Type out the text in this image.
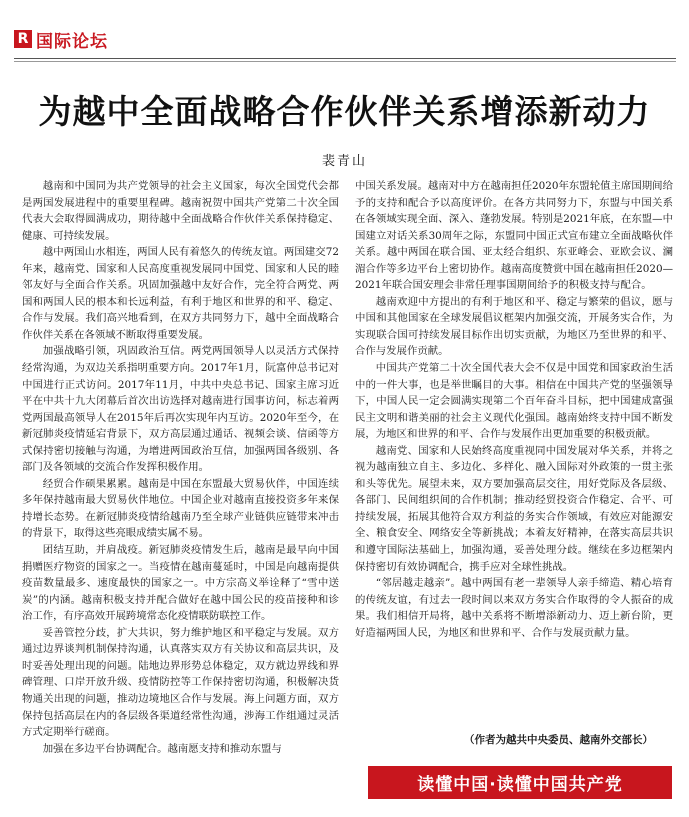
R 国际论坛
为越中全面战略合作伙伴关系增添新动力
裴青山

越南和中国同为共产党领导的社会主义国家，每次全国党代会都是两国发展进程中的重要里程碑。越南祝贺中国共产党第二十次全国代表大会取得圆满成功，期待越中全面战略合作伙伴关系保持稳定、健康、可持续发展。

越中两国山水相连，两国人民有着悠久的传统友谊。两国建交72年来，越南党、国家和人民高度重视发展同中国党、国家和人民的睦邻友好与全面合作关系。巩固加强越中友好合作，完全符合两党、两国和两国人民的根本和长远利益，有利于地区和世界的和平、稳定、合作与发展。我们高兴地看到，在双方共同努力下，越中全面战略合作伙伴关系在各领域不断取得重要发展。

加强战略引领，巩固政治互信。两党两国领导人以灵活方式保持经常沟通，为双边关系指明重要方向。2017年1月，阮富仲总书记对中国进行正式访问。2017年11月，中共中央总书记、国家主席习近平在中共十九大闭幕后首次出访选择对越南进行国事访问，标志着两党两国最高领导人在2015年后再次实现年内互访。2020年至今，在新冠肺炎疫情延宕背景下，双方高层通过通话、视频会谈、信函等方式保持密切接触与沟通，为增进两国政治互信，加强两国各级别、各部门及各领域的交流合作发挥积极作用。

经贸合作硕果累累。越南是中国在东盟最大贸易伙伴，中国连续多年保持越南最大贸易伙伴地位。中国企业对越南直接投资多年来保持增长态势。在新冠肺炎疫情给越南乃至全球产业链供应链带来冲击的背景下，取得这些亮眼成绩实属不易。

团结互助，并肩战疫。新冠肺炎疫情发生后，越南是最早向中国捐赠医疗物资的国家之一。当疫情在越南蔓延时，中国是向越南提供疫苗数量最多、速度最快的国家之一。中方宗高义举诠释了“雪中送炭”的内涵。越南积极支持并配合做好在越中国公民的疫苗接种和诊治工作，有序高效开展跨境常态化疫情联防联控工作。

妥善管控分歧，扩大共识，努力维护地区和平稳定与发展。双方通过边界谈判机制保持沟通，认真落实双方有关协议和高层共识，及时妥善处理出现的问题。陆地边界形势总体稳定，双方就边界线和界碑管理、口岸开放升级、疫情防控等工作保持密切沟通，积极解决货物通关出现的问题，推动边境地区合作与发展。海上问题方面，双方保持包括高层在内的各层级各渠道经常性沟通，涉海工作组通过灵活方式定期举行磋商。

加强在多边平台协调配合。越南愿支持和推动东盟与

中国关系发展。越南对中方在越南担任2020年东盟轮值主席国期间给予的支持和配合予以高度评价。在各方共同努力下，东盟与中国关系在各领域实现全面、深入、蓬勃发展。特别是2021年底，在东盟—中国建立对话关系30周年之际，东盟同中国正式宣布建立全面战略伙伴关系。越中两国在联合国、亚太经合组织、东亚峰会、亚欧会议、澜湄合作等多边平台上密切协作。越南高度赞赏中国在越南担任2020—2021年联合国安理会非常任理事国期间给予的积极支持与配合。

越南欢迎中方提出的有利于地区和平、稳定与繁荣的倡议，愿与中国和其他国家在全球发展倡议框架内加强交流，开展务实合作，为实现联合国可持续发展目标作出切实贡献，为地区乃至世界的和平、合作与发展作贡献。

中国共产党第二十次全国代表大会不仅是中国党和国家政治生活中的一件大事，也是举世瞩目的大事。相信在中国共产党的坚强领导下，中国人民一定会圆满实现第二个百年奋斗目标，把中国建成富强民主文明和谐美丽的社会主义现代化强国。越南始终支持中国不断发展，为地区和世界的和平、合作与发展作出更加重要的积极贡献。

越南党、国家和人民始终高度重视同中国发展对华关系，并将之视为越南独立自主、多边化、多样化、融入国际对外政策的一贯主张和头等优先。展望未来，双方要加强高层交往，用好党际及各层级、各部门、民间组织间的合作机制；推动经贸投资合作稳定、合平、可持续发展，拓展其他符合双方利益的务实合作领域，有效应对能源安全、粮食安全、网络安全等新挑战；本着友好精神，在落实高层共识和遵守国际法基础上，加强沟通，妥善处理分歧。继续在多边框架内保持密切有效协调配合，携手应对全球性挑战。

“邻居越走越亲”。越中两国有老一辈领导人亲手缔造、精心培育的传统友谊，有过去一段时间以来双方务实合作取得的令人振奋的成果。我们相信开局将，越中关系将不断增添新动力、迈上新台阶，更好造福两国人民，为地区和世界和平、合作与发展贡献力量。

（作者为越共中央委员、越南外交部长）
读懂中国·读懂中国共产党
